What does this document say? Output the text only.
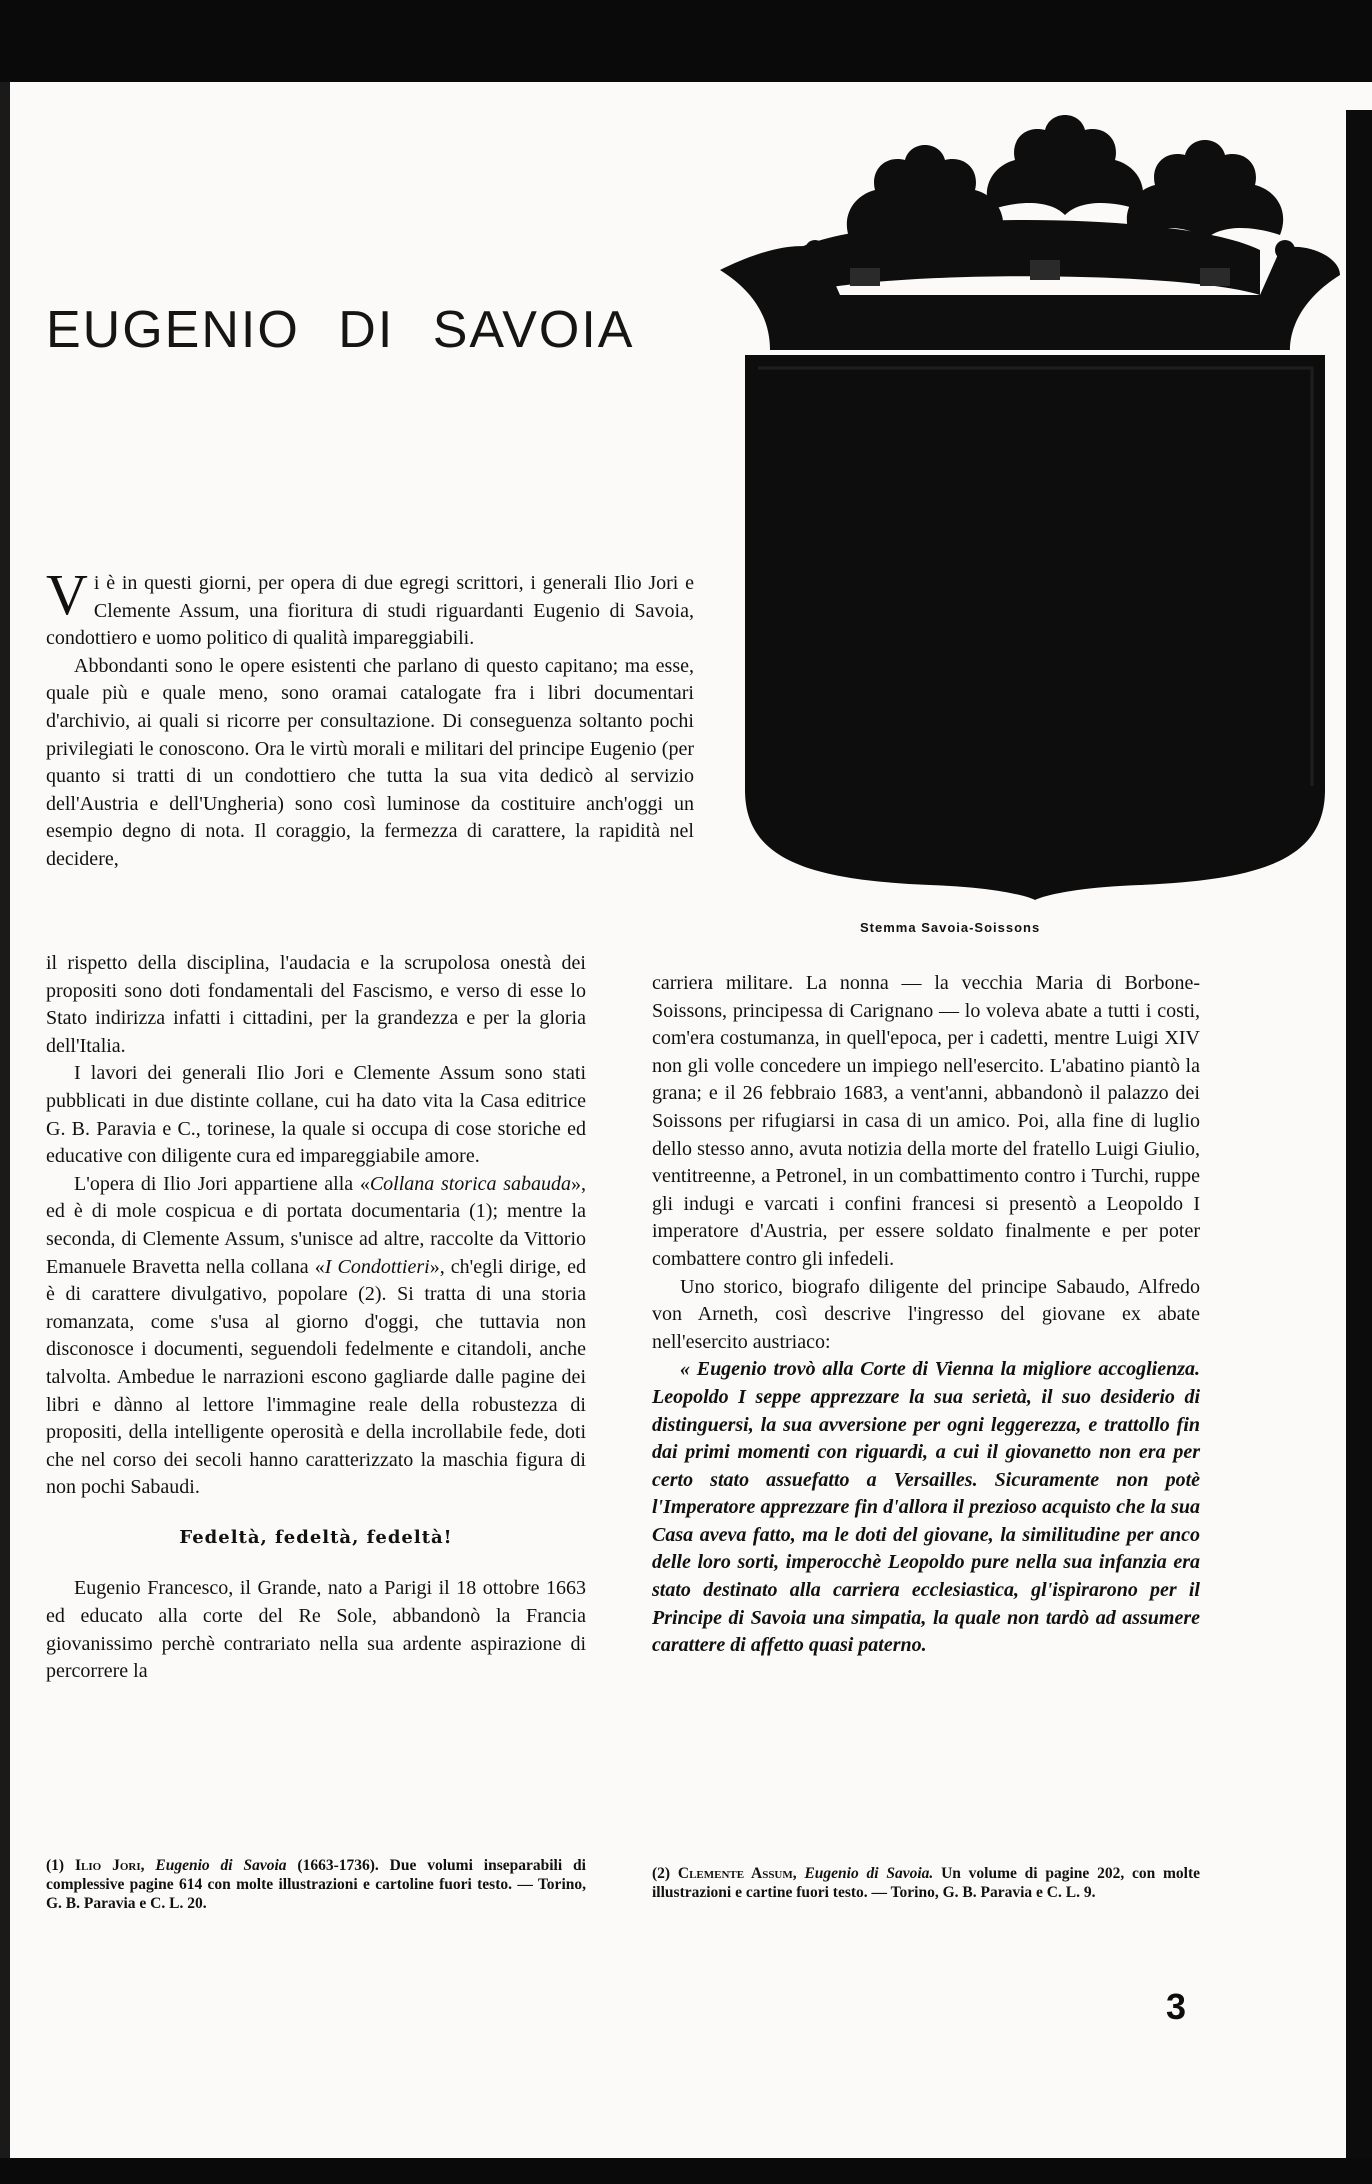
EUGENIO DI SAVOIA
Stemma Savoia-Soissons

Vi è in questi giorni, per opera di due egregi scrittori, i generali Ilio Jori e Clemente Assum, una fioritura di studi riguardanti Eugenio di Savoia, condottiero e uomo politico di qualità impareggiabili.

Abbondanti sono le opere esistenti che parlano di questo capitano; ma esse, quale più e quale meno, sono oramai catalogate fra i libri documentari d'archivio, ai quali si ricorre per consultazione. Di conseguenza soltanto pochi privilegiati le conoscono. Ora le virtù morali e militari del principe Eugenio (per quanto si tratti di un condottiero che tutta la sua vita dedicò al servizio dell'Austria e dell'Ungheria) sono così luminose da costituire anch'oggi un esempio degno di nota. Il coraggio, la fermezza di carattere, la rapidità nel decidere,

il rispetto della disciplina, l'audacia e la scrupolosa onestà dei propositi sono doti fondamentali del Fascismo, e verso di esse lo Stato indirizza infatti i cittadini, per la grandezza e per la gloria dell'Italia.

I lavori dei generali Ilio Jori e Clemente Assum sono stati pubblicati in due distinte collane, cui ha dato vita la Casa editrice G. B. Paravia e C., torinese, la quale si occupa di cose storiche ed educative con diligente cura ed impareggiabile amore.

L'opera di Ilio Jori appartiene alla «Collana storica sabauda», ed è di mole cospicua e di portata documentaria (1); mentre la seconda, di Clemente Assum, s'unisce ad altre, raccolte da Vittorio Emanuele Bravetta nella collana «I Condottieri», ch'egli dirige, ed è di carattere divulgativo, popolare (2). Si tratta di una storia romanzata, come s'usa al giorno d'oggi, che tuttavia non disconosce i documenti, seguendoli fedelmente e citandoli, anche talvolta. Ambedue le narrazioni escono gagliarde dalle pagine dei libri e dànno al lettore l'immagine reale della robustezza di propositi, della intelligente operosità e della incrollabile fede, doti che nel corso dei secoli hanno caratterizzato la maschia figura di non pochi Sabaudi.

Fedeltà, fedeltà, fedeltà!

Eugenio Francesco, il Grande, nato a Parigi il 18 ottobre 1663 ed educato alla corte del Re Sole, abbandonò la Francia giovanissimo perchè contrariato nella sua ardente aspirazione di percorrere la

carriera militare. La nonna — la vecchia Maria di Borbone-Soissons, principessa di Carignano — lo voleva abate a tutti i costi, com'era costumanza, in quell'epoca, per i cadetti, mentre Luigi XIV non gli volle concedere un impiego nell'esercito. L'abatino piantò la grana; e il 26 febbraio 1683, a vent'anni, abbandonò il palazzo dei Soissons per rifugiarsi in casa di un amico. Poi, alla fine di luglio dello stesso anno, avuta notizia della morte del fratello Luigi Giulio, ventitreenne, a Petronel, in un combattimento contro i Turchi, ruppe gli indugi e varcati i confini francesi si presentò a Leopoldo I imperatore d'Austria, per essere soldato finalmente e per poter combattere contro gli infedeli.

Uno storico, biografo diligente del principe Sabaudo, Alfredo von Arneth, così descrive l'ingresso del giovane ex abate nell'esercito austriaco:

« Eugenio trovò alla Corte di Vienna la migliore accoglienza. Leopoldo I seppe apprezzare la sua serietà, il suo desiderio di distinguersi, la sua avversione per ogni leggerezza, e trattollo fin dai primi momenti con riguardi, a cui il giovanetto non era per certo stato assuefatto a Versailles. Sicuramente non potè l'Imperatore apprezzare fin d'allora il prezioso acquisto che la sua Casa aveva fatto, ma le doti del giovane, la similitudine per anco delle loro sorti, imperocchè Leopoldo pure nella sua infanzia era stato destinato alla carriera ecclesiastica, gl'ispirarono per il Principe di Savoia una simpatia, la quale non tardò ad assumere carattere di affetto quasi paterno.

(1) Ilio Jori, Eugenio di Savoia (1663-1736). Due volumi inseparabili di complessive pagine 614 con molte illustrazioni e cartoline fuori testo. — Torino, G. B. Paravia e C. L. 20.
(2) Clemente Assum, Eugenio di Savoia. Un volume di pagine 202, con molte illustrazioni e cartine fuori testo. — Torino, G. B. Paravia e C. L. 9.
3
